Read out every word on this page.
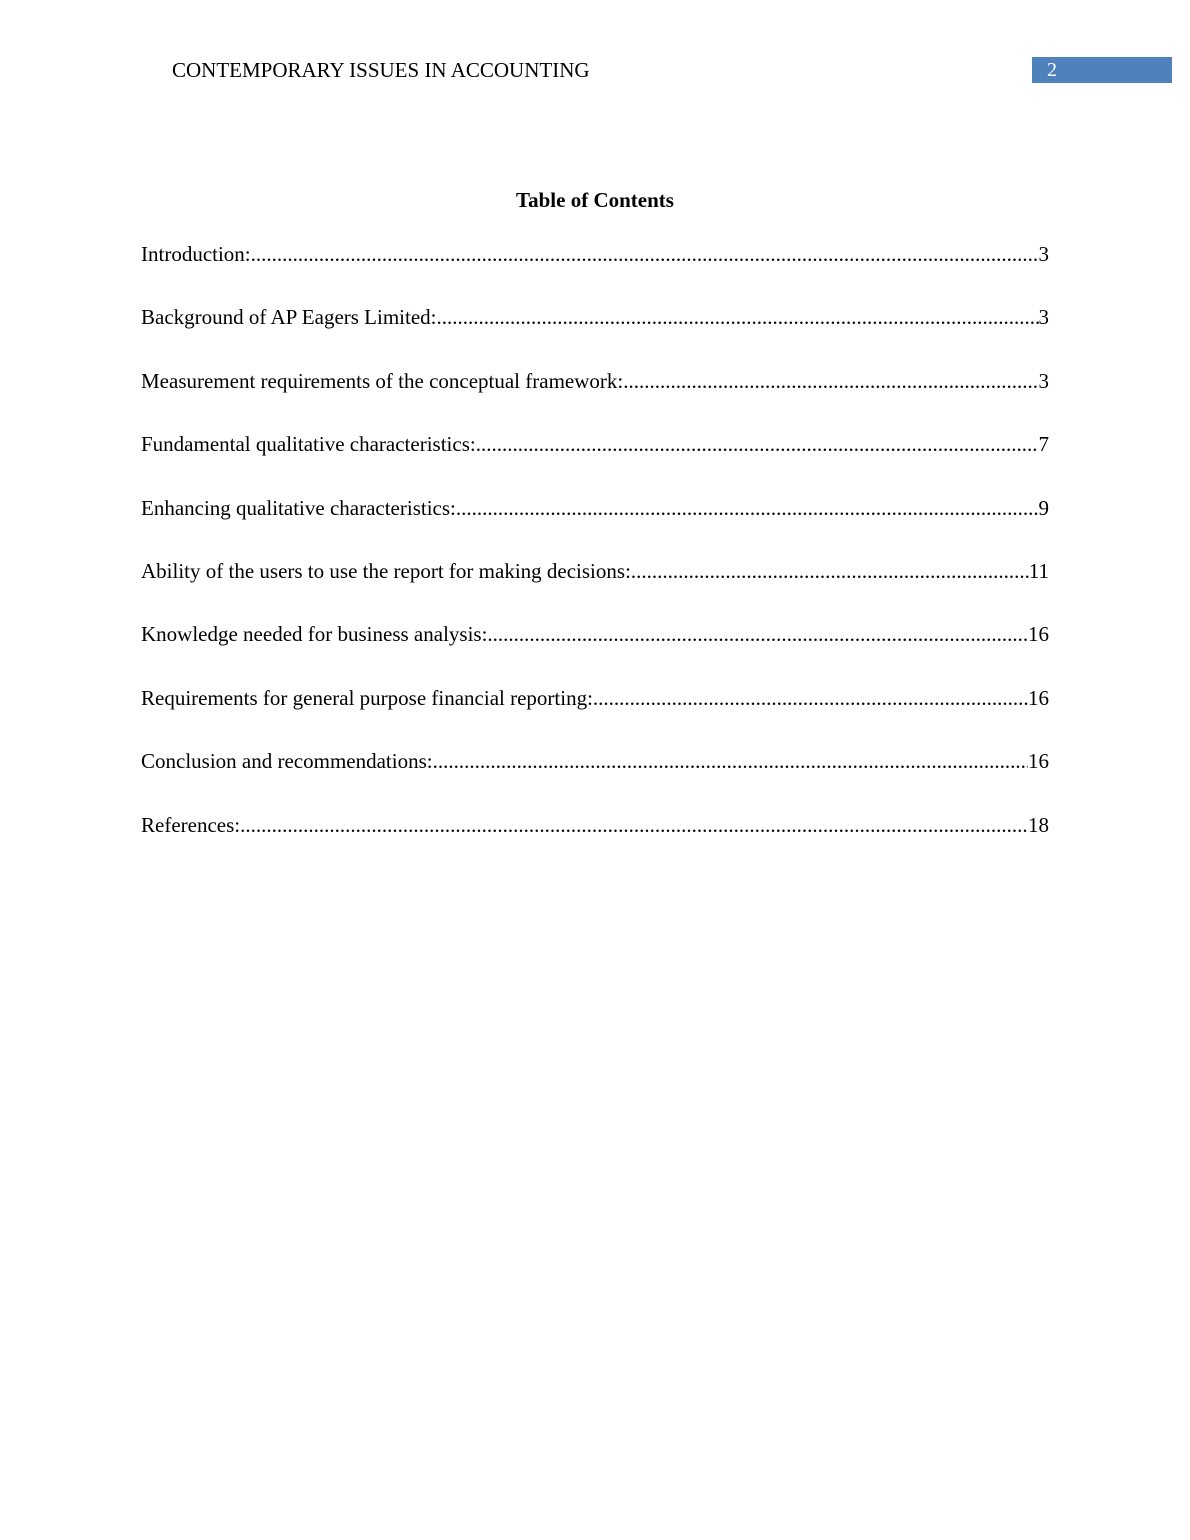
CONTEMPORARY ISSUES IN ACCOUNTING	2
Table of Contents
Introduction: .....	3
Background of AP Eagers Limited: .....	3
Measurement requirements of the conceptual framework: .....	3
Fundamental qualitative characteristics: .....	7
Enhancing qualitative characteristics: .....	9
Ability of the users to use the report for making decisions: .....	11
Knowledge needed for business analysis: .....	16
Requirements for general purpose financial reporting: .....	16
Conclusion and recommendations: .....	16
References: .....	18
